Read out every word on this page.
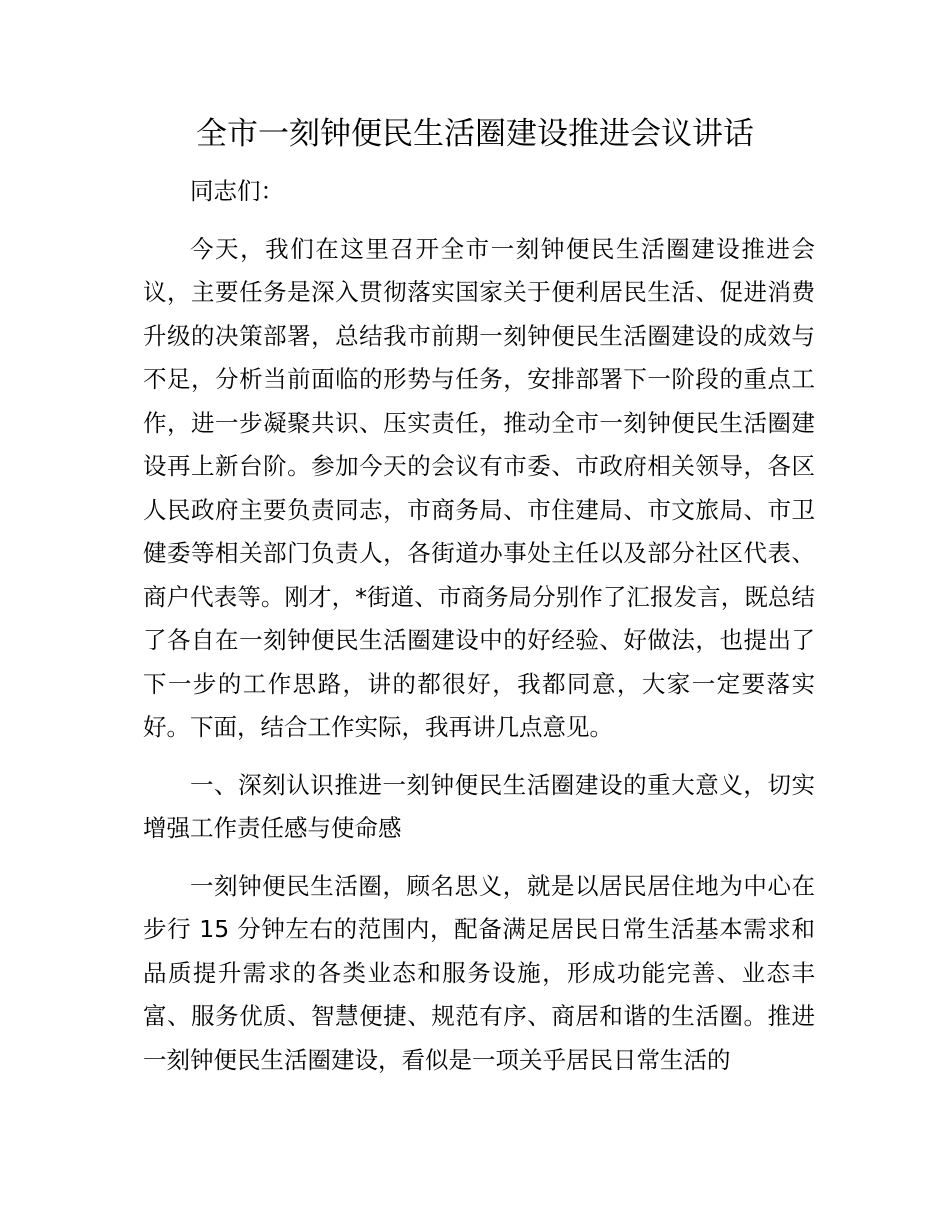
全市一刻钟便民生活圈建设推进会议讲话

同志们：

今天，我们在这里召开全市一刻钟便民生活圈建设推进会议，主要任务是深入贯彻落实国家关于便利居民生活、促进消费升级的决策部署，总结我市前期一刻钟便民生活圈建设的成效与不足，分析当前面临的形势与任务，安排部署下一阶段的重点工作，进一步凝聚共识、压实责任，推动全市一刻钟便民生活圈建设再上新台阶。参加今天的会议有市委、市政府相关领导，各区人民政府主要负责同志，市商务局、市住建局、市文旅局、市卫健委等相关部门负责人，各街道办事处主任以及部分社区代表、商户代表等。刚才，*街道、市商务局分别作了汇报发言，既总结了各自在一刻钟便民生活圈建设中的好经验、好做法，也提出了下一步的工作思路，讲的都很好，我都同意，大家一定要落实好。下面，结合工作实际，我再讲几点意见。

一、深刻认识推进一刻钟便民生活圈建设的重大意义，切实增强工作责任感与使命感

一刻钟便民生活圈，顾名思义，就是以居民居住地为中心在步行 15 分钟左右的范围内，配备满足居民日常生活基本需求和品质提升需求的各类业态和服务设施，形成功能完善、业态丰富、服务优质、智慧便捷、规范有序、商居和谐的生活圈。推进一刻钟便民生活圈建设，看似是一项关乎居民日常生活的
